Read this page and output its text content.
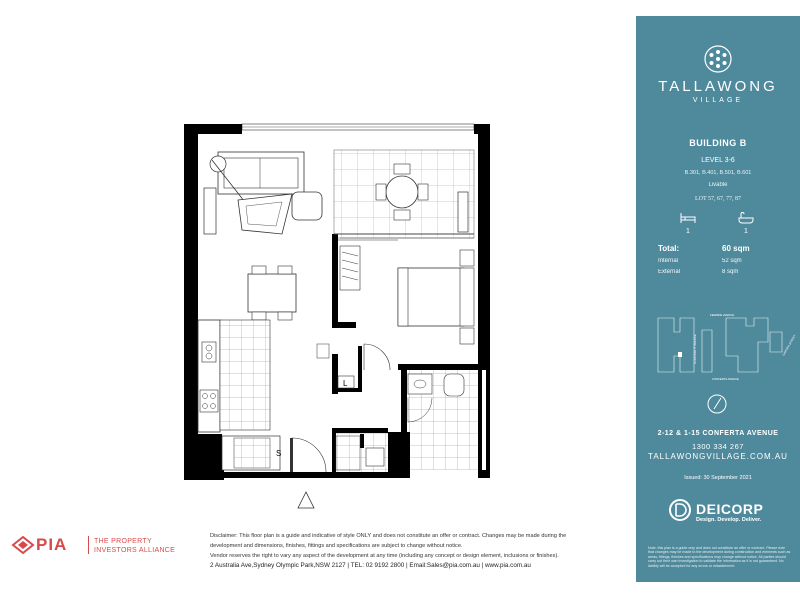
S
L
TALLAWONG
VILLAGE
BUILDING B
LEVEL 3-6
B.301, B.401, B.501, B.601
Livable
LOT 57, 67, 77, 87
1	1
Total:	60 sqm
Internal	52 sqm
External	8 sqm
FERRIDE AVENUE
LORD BARTY AVENUE	GARDEN STREET
CONFERTA AVENUE
2-12 & 1-15 CONFERTA AVENUE
1300 334 267
TALLAWONGVILLAGE.COM.AU
Issued: 30 September 2021
DEICORP
Design. Develop. Deliver.
Note: this plan is a guide only and does not constitute an offer or contract. Please note that changes may be made to the development during construction and elements such as areas, fittings, finishes and specifications may change without notice. All parties should carry out their own investigation to validate the information as it is not guaranteed. No liability will be accepted for any errors or misstatement.
PIA	THE PROPERTY
INVESTORS ALLIANCE
Disclaimer: This floor plan is a guide and indicative of style ONLY and does not constitute an offer or contract. Changes may be made during the
development and dimensions, finishes, fittings and specifications are subject to change without notice.
Vendor reserves the right to vary any aspect of the development at any time (including any concept or design element, inclusions or finishes).
2 Australia Ave,Sydney Olympic Park,NSW 2127 | TEL: 02 9192 2800 | Email:Sales@pia.com.au | www.pia.com.au
